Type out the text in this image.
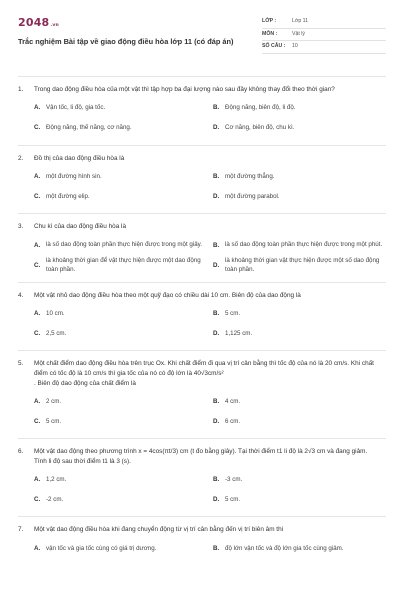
2048.vn
Trắc nghiệm Bài tập về giao động điều hòa lớp 11 (có đáp án)
LỚP :	Lớp 11
MÔN :	Vật lý
SỐ CÂU :	10
1.	Trong dao động điều hòa của một vật thì tập hợp ba đại lượng nào sau đây không thay đổi theo thời gian?
A. Vận tốc, li độ, gia tốc.	B. Động năng, biên độ, li độ.
C. Động năng, thế năng, cơ năng.	D. Cơ năng, biên độ, chu kì.
2.	Đồ thị của dao động điều hòa là
A. một đường hình sin.	B. một đường thẳng.
C. một đường elip.	D. một đường parabol.
3.	Chu kì của dao động điều hòa là
A. là số dao động toàn phần thực hiện được trong một giây. B. là số dao động toàn phần thực hiện được trong một phút.
C.
là khoảng thời gian để vật thực hiện được một dao động toàn phần.
D.
là khoảng thời gian vật thực hiện được một số dao động toàn phần.
4.	Một vật nhỏ dao động điều hòa theo một quỹ đạo có chiều dài 10 cm. Biên độ của dao động là
A. 10 cm.	B. 5 cm.
C. 2,5 cm.	D. 1,125 cm.
5.	Một chất điểm dao động điều hòa trên trục Ox. Khi chất điểm đi qua vị trí cân bằng thì tốc độ của nó là 20 cm/s. Khi chất điểm có tốc độ là 10 cm/s thì gia tốc của nó có độ lớn là 40√3cm/s²
. Biên độ dao động của chất điểm là
A. 2 cm.	B. 4 cm.
C. 5 cm.	D. 6 cm.
6.	Một vật dao động theo phương trình x = 4cos(πt/3) cm (t đo bằng giây). Tại thời điểm t1 li độ là 2√3 cm và đang giảm. Tính li độ sau thời điểm t1 là 3 (s).
A. 1,2 cm.	B. -3 cm.
C. -2 cm.	D. 5 cm.
7.	Một vật dao động điều hòa khi đang chuyển động từ vị trí cân bằng đến vị trí biên âm thì
A. vận tốc và gia tốc cùng có giá trị dương.	B. độ lớn vận tốc và độ lớn gia tốc cùng giảm.
